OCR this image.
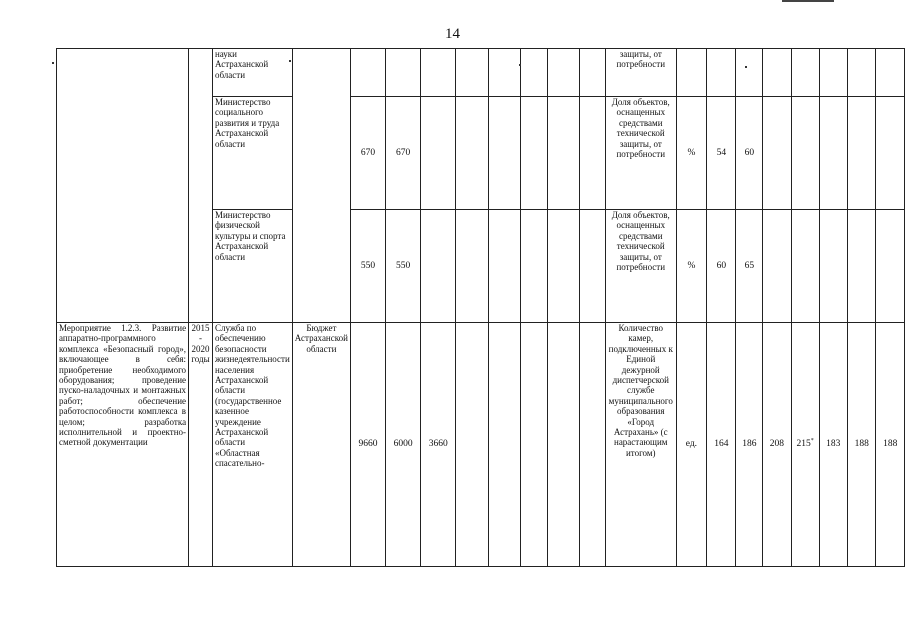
14
		науки Астраханской области										защиты, от потребности								
		Министерство социального развития и труда Астраханской области		670	670							Доля объектов, оснащенных средствами технической защиты, от потребности	%	54	60					
		Министерство физической культуры и спорта Астраханской области		550	550							Доля объектов, оснащенных средствами технической защиты, от потребности	%	60	65					
Мероприятие 1.2.3. Развитие аппаратно-программного комплекса «Безопасный город», включающее в себя: приобретение необходимого оборудования; проведение пуско-наладочных и монтажных работ; обеспечение работоспособности комплекса в целом; разработка исполнительной и проектно-сметной документации	2015 - 2020 годы	Служба по обеспечению безопасности жизнедеятельности населения Астраханской области (государственное казенное учреждение Астраханской области «Областная спасательно-	Бюджет Астраханской области	9660	6000	3660						Количество камер, подключенных к Единой дежурной диспетчерской службе муниципального образования «Город Астрахань» (с нарастающим итогом)	ед.	164	186	208	215*	183	188	188
